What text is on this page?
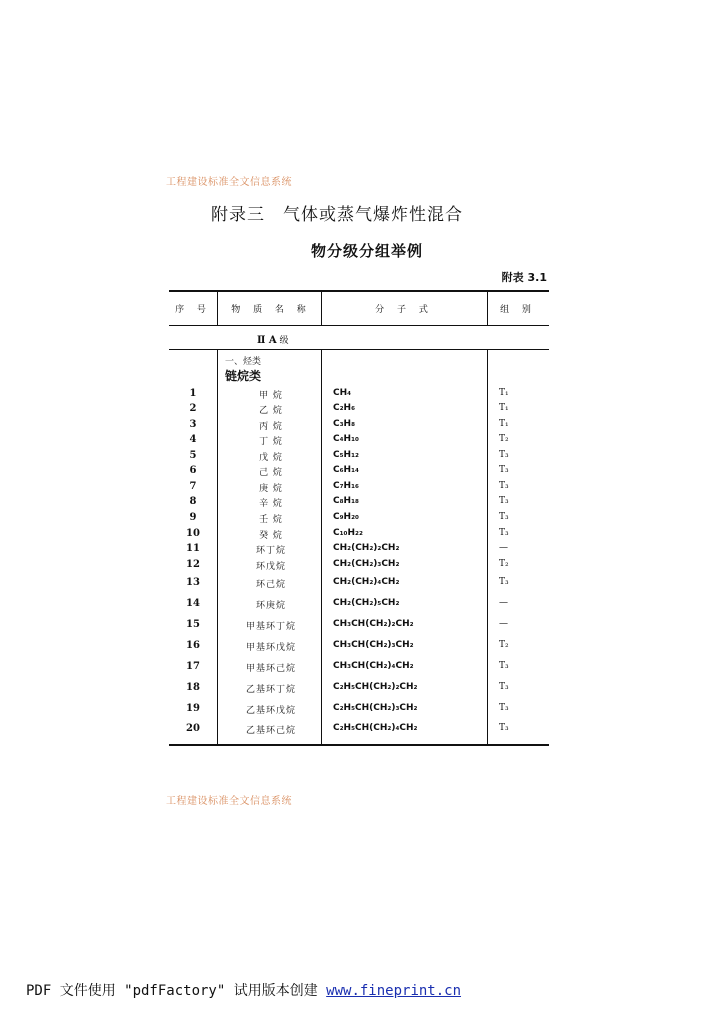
工程建设标准全文信息系统
附录三 气体或蒸气爆炸性混合
物分级分组举例
附表 3.1
序 号	物 质 名 称	分 子 式	组 别
Ⅱ A 级
一、烃类
链烷类
1	甲 烷	CH₄	T₁
2	乙 烷	C₂H₆	T₁
3	丙 烷	C₃H₈	T₁
4	丁 烷	C₄H₁₀	T₂
5	戊 烷	C₅H₁₂	T₃
6	己 烷	C₆H₁₄	T₃
7	庚 烷	C₇H₁₆	T₃
8	辛 烷	C₈H₁₈	T₃
9	壬 烷	C₉H₂₀	T₃
10	癸 烷	C₁₀H₂₂	T₃
11	环丁烷	CH₂(CH₂)₂CH₂	—
12	环戊烷	CH₂(CH₂)₃CH₂	T₂
13	环己烷	CH₂(CH₂)₄CH₂	T₃
14	环庚烷	CH₂(CH₂)₅CH₂	—
15	甲基环丁烷	CH₃CH(CH₂)₂CH₂	—
16	甲基环戊烷	CH₃CH(CH₂)₃CH₂	T₂
17	甲基环己烷	CH₃CH(CH₂)₄CH₂	T₃
18	乙基环丁烷	C₂H₅CH(CH₂)₂CH₂	T₃
19	乙基环戊烷	C₂H₅CH(CH₂)₃CH₂	T₃
20	乙基环己烷	C₂H₅CH(CH₂)₄CH₂	T₃
工程建设标准全文信息系统
PDF 文件使用 "pdfFactory" 试用版本创建 www.fineprint.cn
